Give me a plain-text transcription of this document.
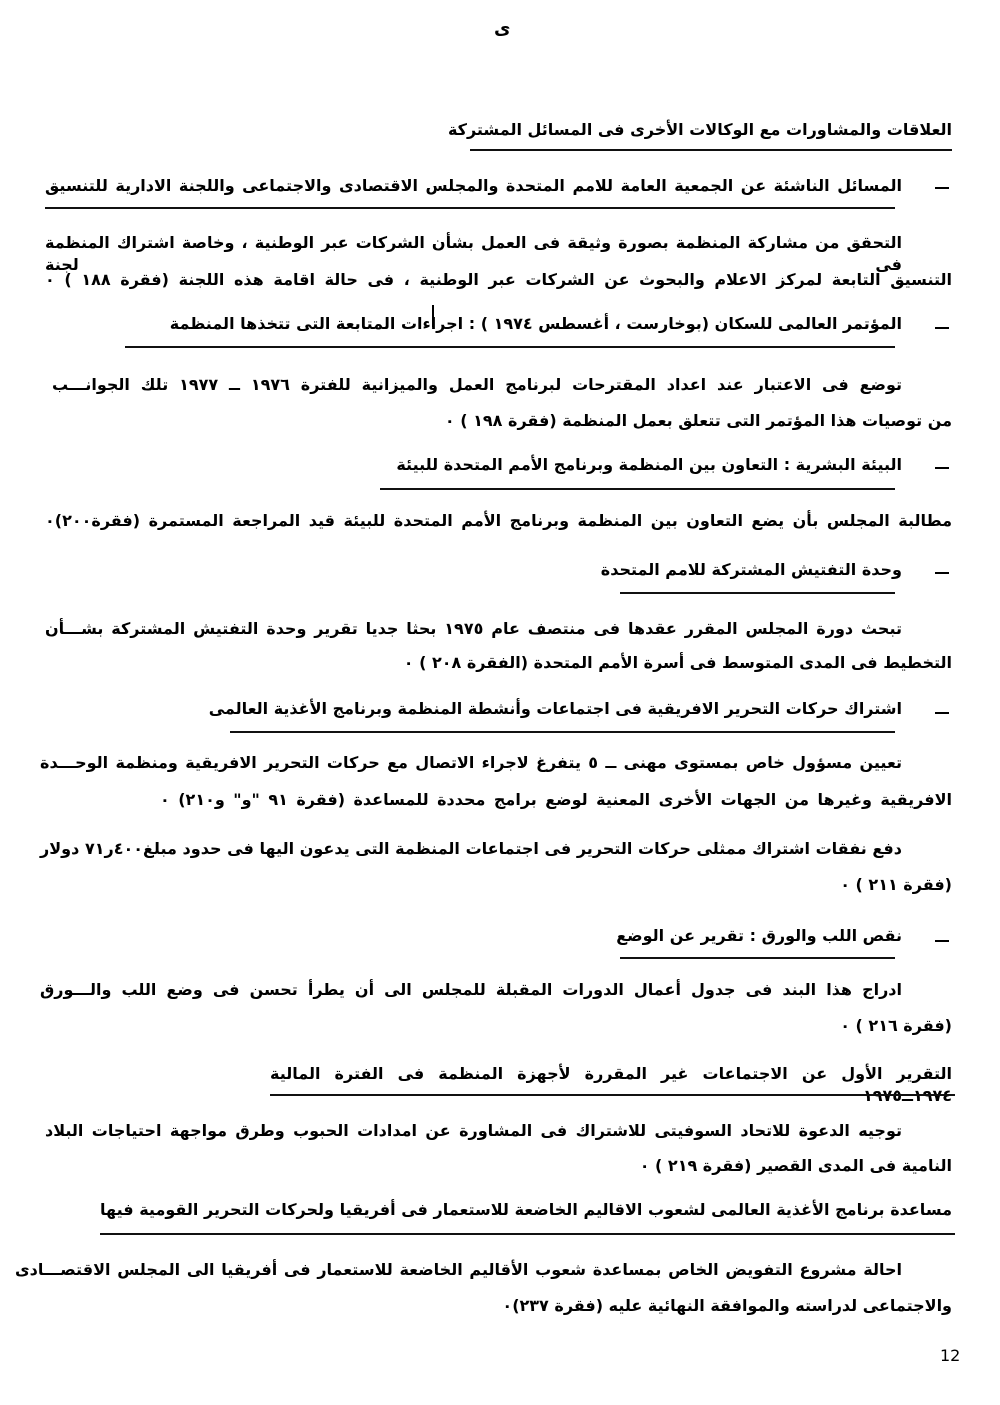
ى
العلاقات والمشاورات مع الوكالات الأخرى فى المسائل المشتركة
المسائل الناشئة عن الجمعية العامة للامم المتحدة والمجلس الاقتصادى والاجتماعى واللجنة الادارية للتنسيق
التحقق من مشاركة المنظمة بصورة وثيقة فى العمل بشأن الشركات عبر الوطنية ، وخاصة اشتراك المنظمة فى لجنة
التنسيق التابعة لمركز الاعلام والبحوث عن الشركات عبر الوطنية ، فى حالة اقامة هذه اللجنة (فقرة ١٨٨ ) ٠
المؤتمر العالمى للسكان (بوخارست ، أغسطس ١٩٧٤ ) : اجراءات المتابعة التى تتخذها المنظمة
توضع فى الاعتبار عند اعداد المقترحات لبرنامج العمل والميزانية للفترة ١٩٧٦ ــ ١٩٧٧ تلك الجوانـــب
من توصيات هذا المؤتمر التى تتعلق بعمل المنظمة (فقرة ١٩٨ ) ٠
البيئة البشرية : التعاون بين المنظمة وبرنامج الأمم المتحدة للبيئة
مطالبة المجلس بأن يضع التعاون بين المنظمة وبرنامج الأمم المتحدة للبيئة قيد المراجعة المستمرة (فقرة٢٠٠)٠
وحدة التفتيش المشتركة للامم المتحدة
تبحث دورة المجلس المقرر عقدها فى منتصف عام ١٩٧٥ بحثا جديا تقرير وحدة التفتيش المشتركة بشـــأن
التخطيط فى المدى المتوسط فى أسرة الأمم المتحدة (الفقرة ٢٠٨ ) ٠
اشتراك حركات التحرير الافريقية فى اجتماعات وأنشطة المنظمة وبرنامج الأغذية العالمى
تعيين مسؤول خاص بمستوى مهنى ــ ٥ يتفرغ لاجراء الاتصال مع حركات التحرير الافريقية ومنظمة الوحـــدة
الافريقية وغيرها من الجهات الأخرى المعنية لوضع برامج محددة للمساعدة (فقرة ٩١ "و" و٢١٠) ٠
دفع نفقات اشتراك ممثلى حركات التحرير فى اجتماعات المنظمة التى يدعون اليها فى حدود مبلغ٤٠٠ر٧١ دولار
(فقرة ٢١١ ) ٠
نقص اللب والورق : تقرير عن الوضع
ادراج هذا البند فى جدول أعمال الدورات المقبلة للمجلس الى أن يطرأ تحسن فى وضع اللب والـــورق
(فقرة ٢١٦ ) ٠
التقرير الأول عن الاجتماعات غير المقررة لأجهزة المنظمة فى الفترة المالية
توجيه الدعوة للاتحاد السوفيتى للاشتراك فى المشاورة عن امدادات الحبوب وطرق مواجهة احتياجات البلاد
النامية فى المدى القصير (فقرة ٢١٩ ) ٠
مساعدة برنامج الأغذية العالمى لشعوب الاقاليم الخاضعة للاستعمار فى أفريقيا ولحركات التحرير القومية فيها
احالة مشروع التفويض الخاص بمساعدة شعوب الأقاليم الخاضعة للاستعمار فى أفريقيا الى المجلس الاقتصـــادى
والاجتماعى لدراسته والموافقة النهائية عليه (فقرة ٢٣٧)٠
12
